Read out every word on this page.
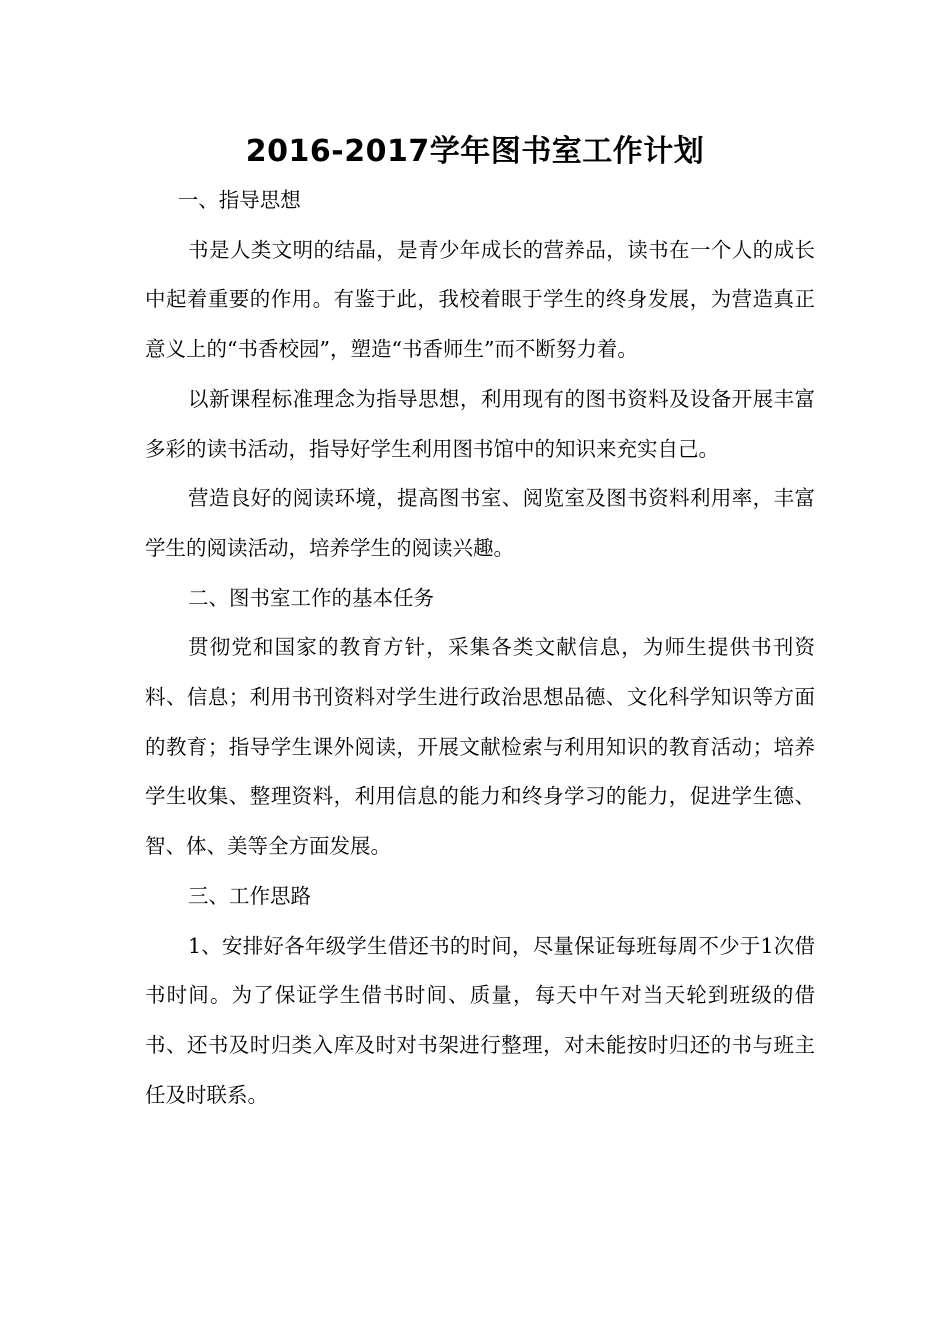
2016-2017学年图书室工作计划

一、指导思想

书是人类文明的结晶，是青少年成长的营养品，读书在一个人的成长中起着重要的作用。有鉴于此，我校着眼于学生的终身发展，为营造真正意义上的“书香校园”，塑造“书香师生”而不断努力着。

以新课程标准理念为指导思想，利用现有的图书资料及设备开展丰富多彩的读书活动，指导好学生利用图书馆中的知识来充实自己。

营造良好的阅读环境，提高图书室、阅览室及图书资料利用率，丰富学生的阅读活动，培养学生的阅读兴趣。

二、图书室工作的基本任务

贯彻党和国家的教育方针，采集各类文献信息，为师生提供书刊资料、信息；利用书刊资料对学生进行政治思想品德、文化科学知识等方面的教育；指导学生课外阅读，开展文献检索与利用知识的教育活动；培养学生收集、整理资料，利用信息的能力和终身学习的能力，促进学生德、智、体、美等全方面发展。

三、工作思路

1、安排好各年级学生借还书的时间，尽量保证每班每周不少于1次借书时间。为了保证学生借书时间、质量，每天中午对当天轮到班级的借书、还书及时归类入库及时对书架进行整理，对未能按时归还的书与班主任及时联系。
